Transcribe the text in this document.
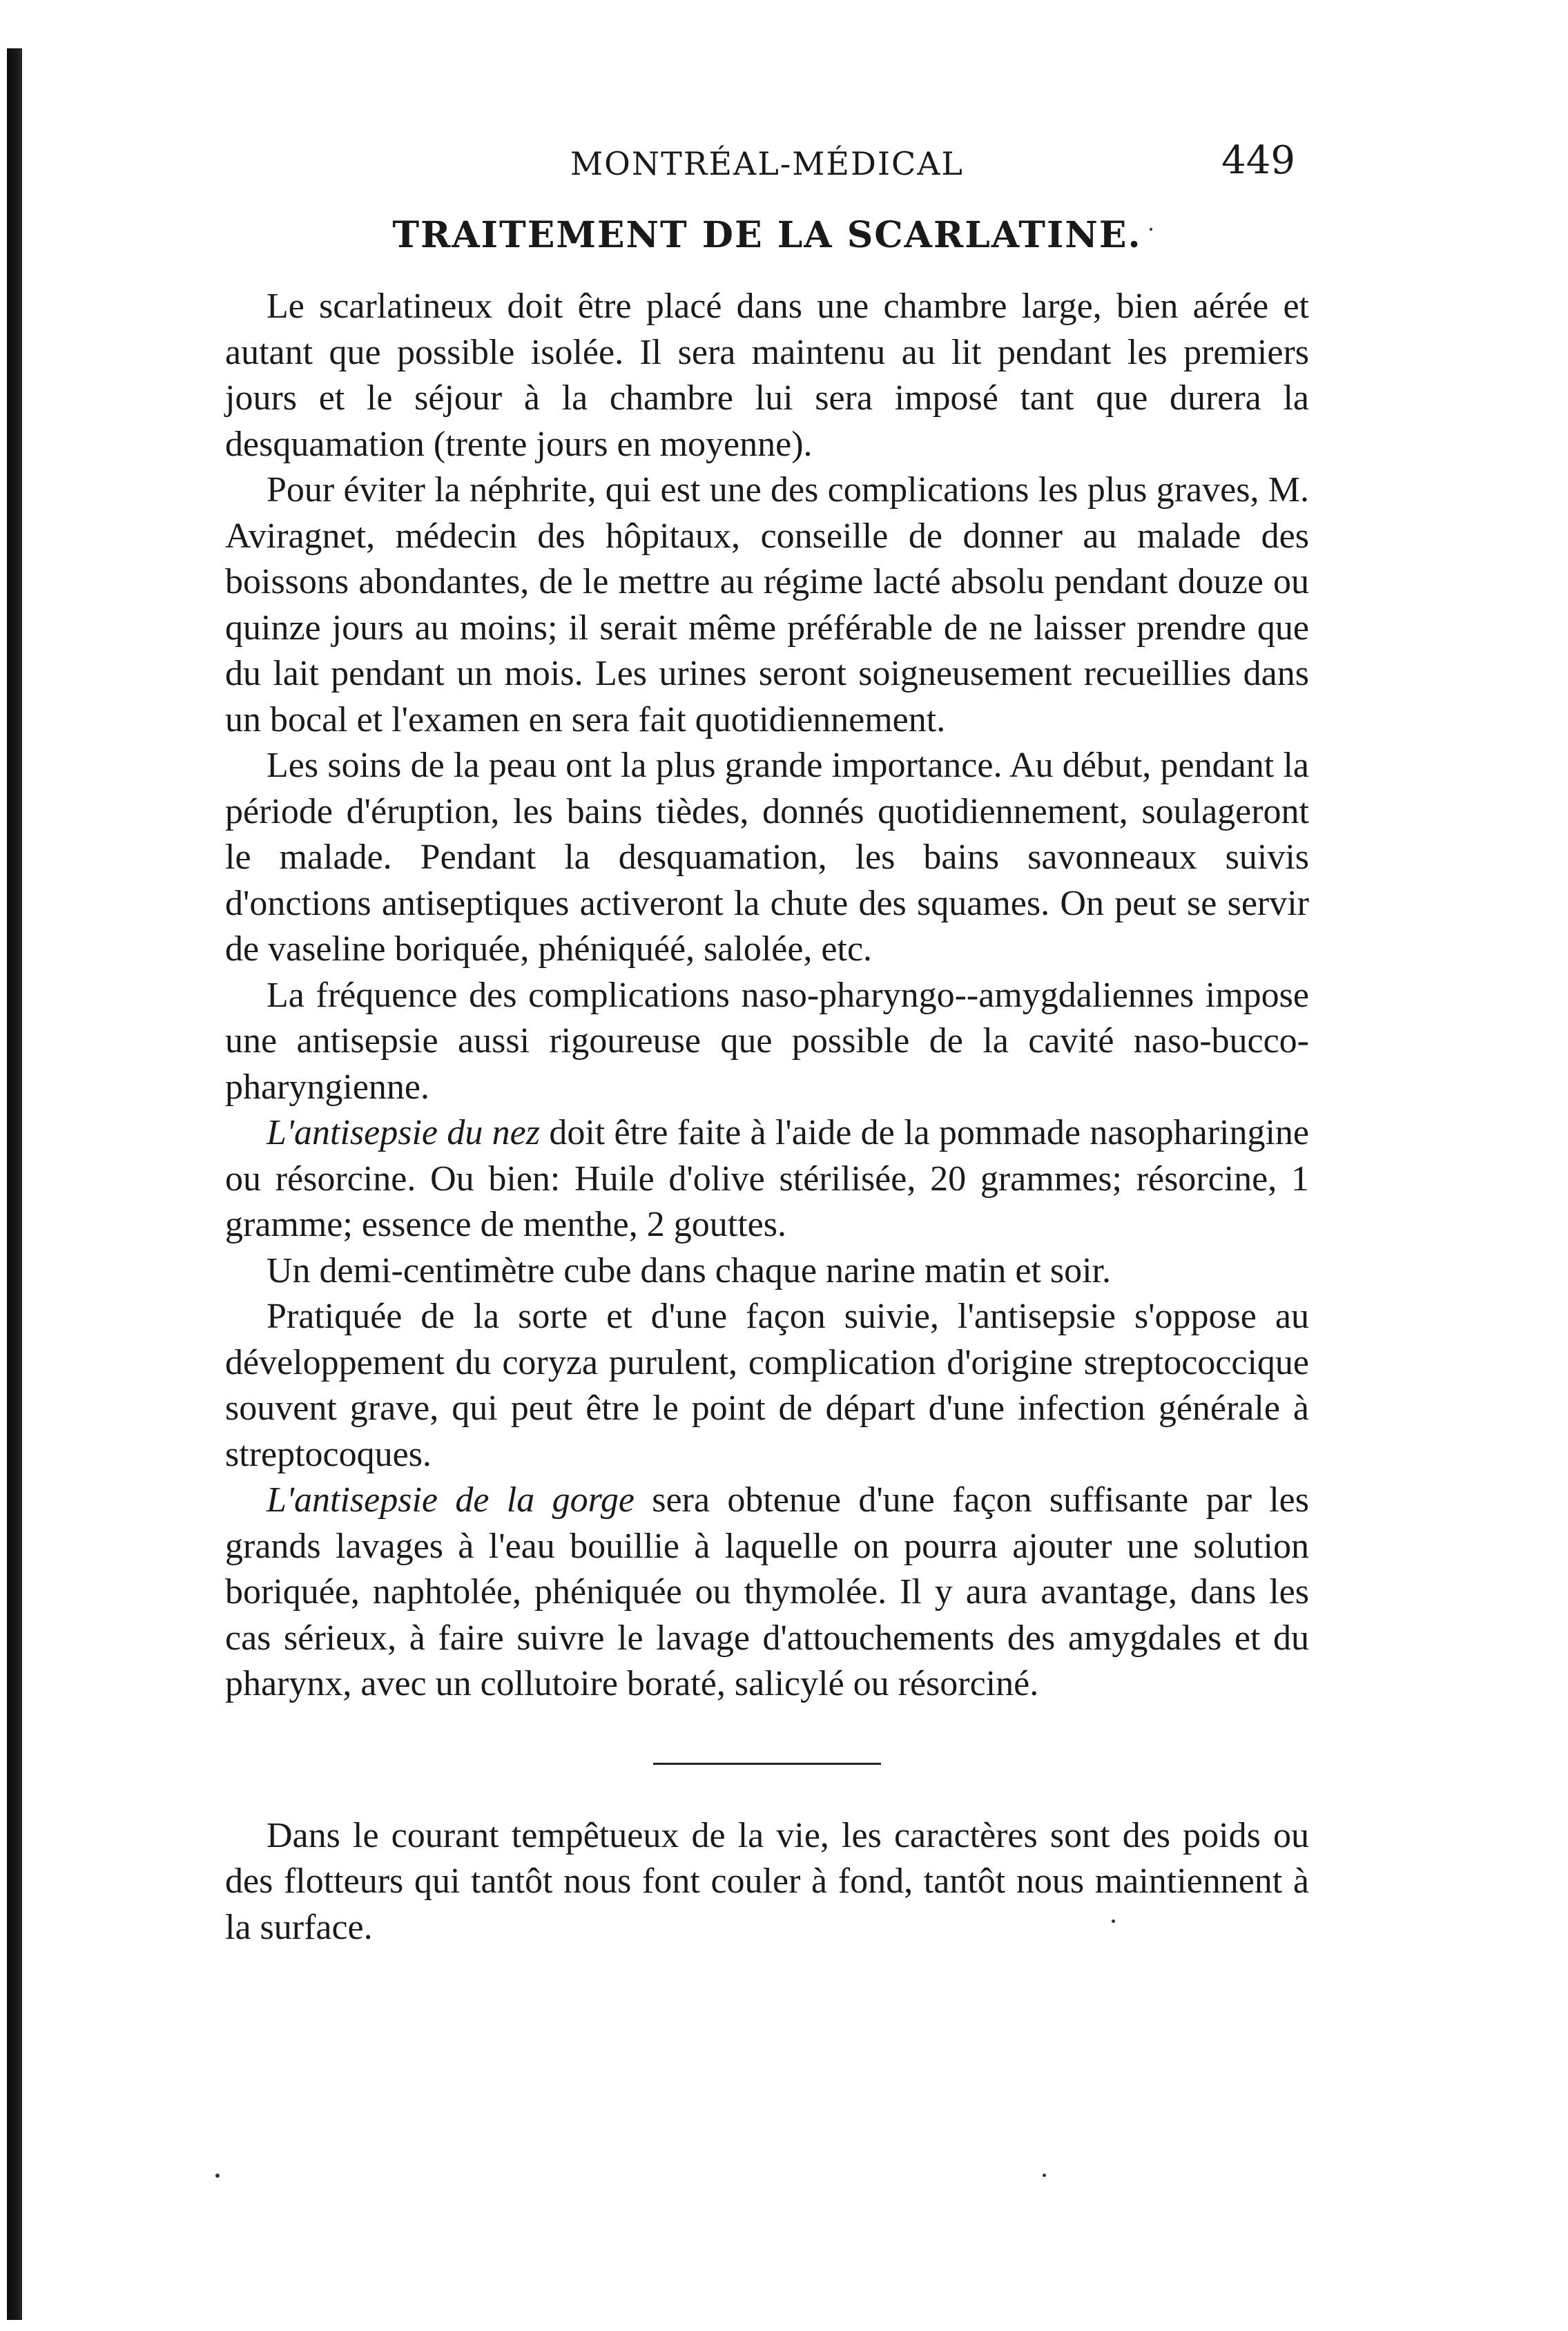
MONTRÉAL-MÉDICAL	449
TRAITEMENT DE LA SCARLATINE.

Le scarlatineux doit être placé dans une chambre large, bien aérée et autant que possible isolée. Il sera maintenu au lit pendant les premiers jours et le séjour à la chambre lui sera imposé tant que durera la desquamation (trente jours en moyenne).

Pour éviter la néphrite, qui est une des complications les plus graves, M. Aviragnet, médecin des hôpitaux, conseille de donner au malade des boissons abondantes, de le mettre au régime lacté absolu pendant douze ou quinze jours au moins; il serait même préférable de ne laisser prendre que du lait pendant un mois. Les urines seront soigneusement recueillies dans un bocal et l'examen en sera fait quotidiennement.

Les soins de la peau ont la plus grande importance. Au début, pendant la période d'éruption, les bains tièdes, donnés quotidiennement, soulageront le malade. Pendant la desquamation, les bains savonneaux suivis d'onctions antiseptiques activeront la chute des squames. On peut se servir de vaseline boriquée, phéniquéé, salolée, etc.

La fréquence des complications naso-pharyngo--amygdaliennes impose une antisepsie aussi rigoureuse que possible de la cavité naso-bucco-pharyngienne.

L'antisepsie du nez doit être faite à l'aide de la pommade nasopharingine ou résorcine. Ou bien: Huile d'olive stérilisée, 20 grammes; résorcine, 1 gramme; essence de menthe, 2 gouttes.

Un demi-centimètre cube dans chaque narine matin et soir.

Pratiquée de la sorte et d'une façon suivie, l'antisepsie s'oppose au développement du coryza purulent, complication d'origine streptococcique souvent grave, qui peut être le point de départ d'une infection générale à streptocoques.

L'antisepsie de la gorge sera obtenue d'une façon suffisante par les grands lavages à l'eau bouillie à laquelle on pourra ajouter une solution boriquée, naphtolée, phéniquée ou thymolée. Il y aura avantage, dans les cas sérieux, à faire suivre le lavage d'attouchements des amygdales et du pharynx, avec un collutoire boraté, salicylé ou résorciné.

Dans le courant tempêtueux de la vie, les caractères sont des poids ou des flotteurs qui tantôt nous font couler à fond, tantôt nous maintiennent à la surface.
